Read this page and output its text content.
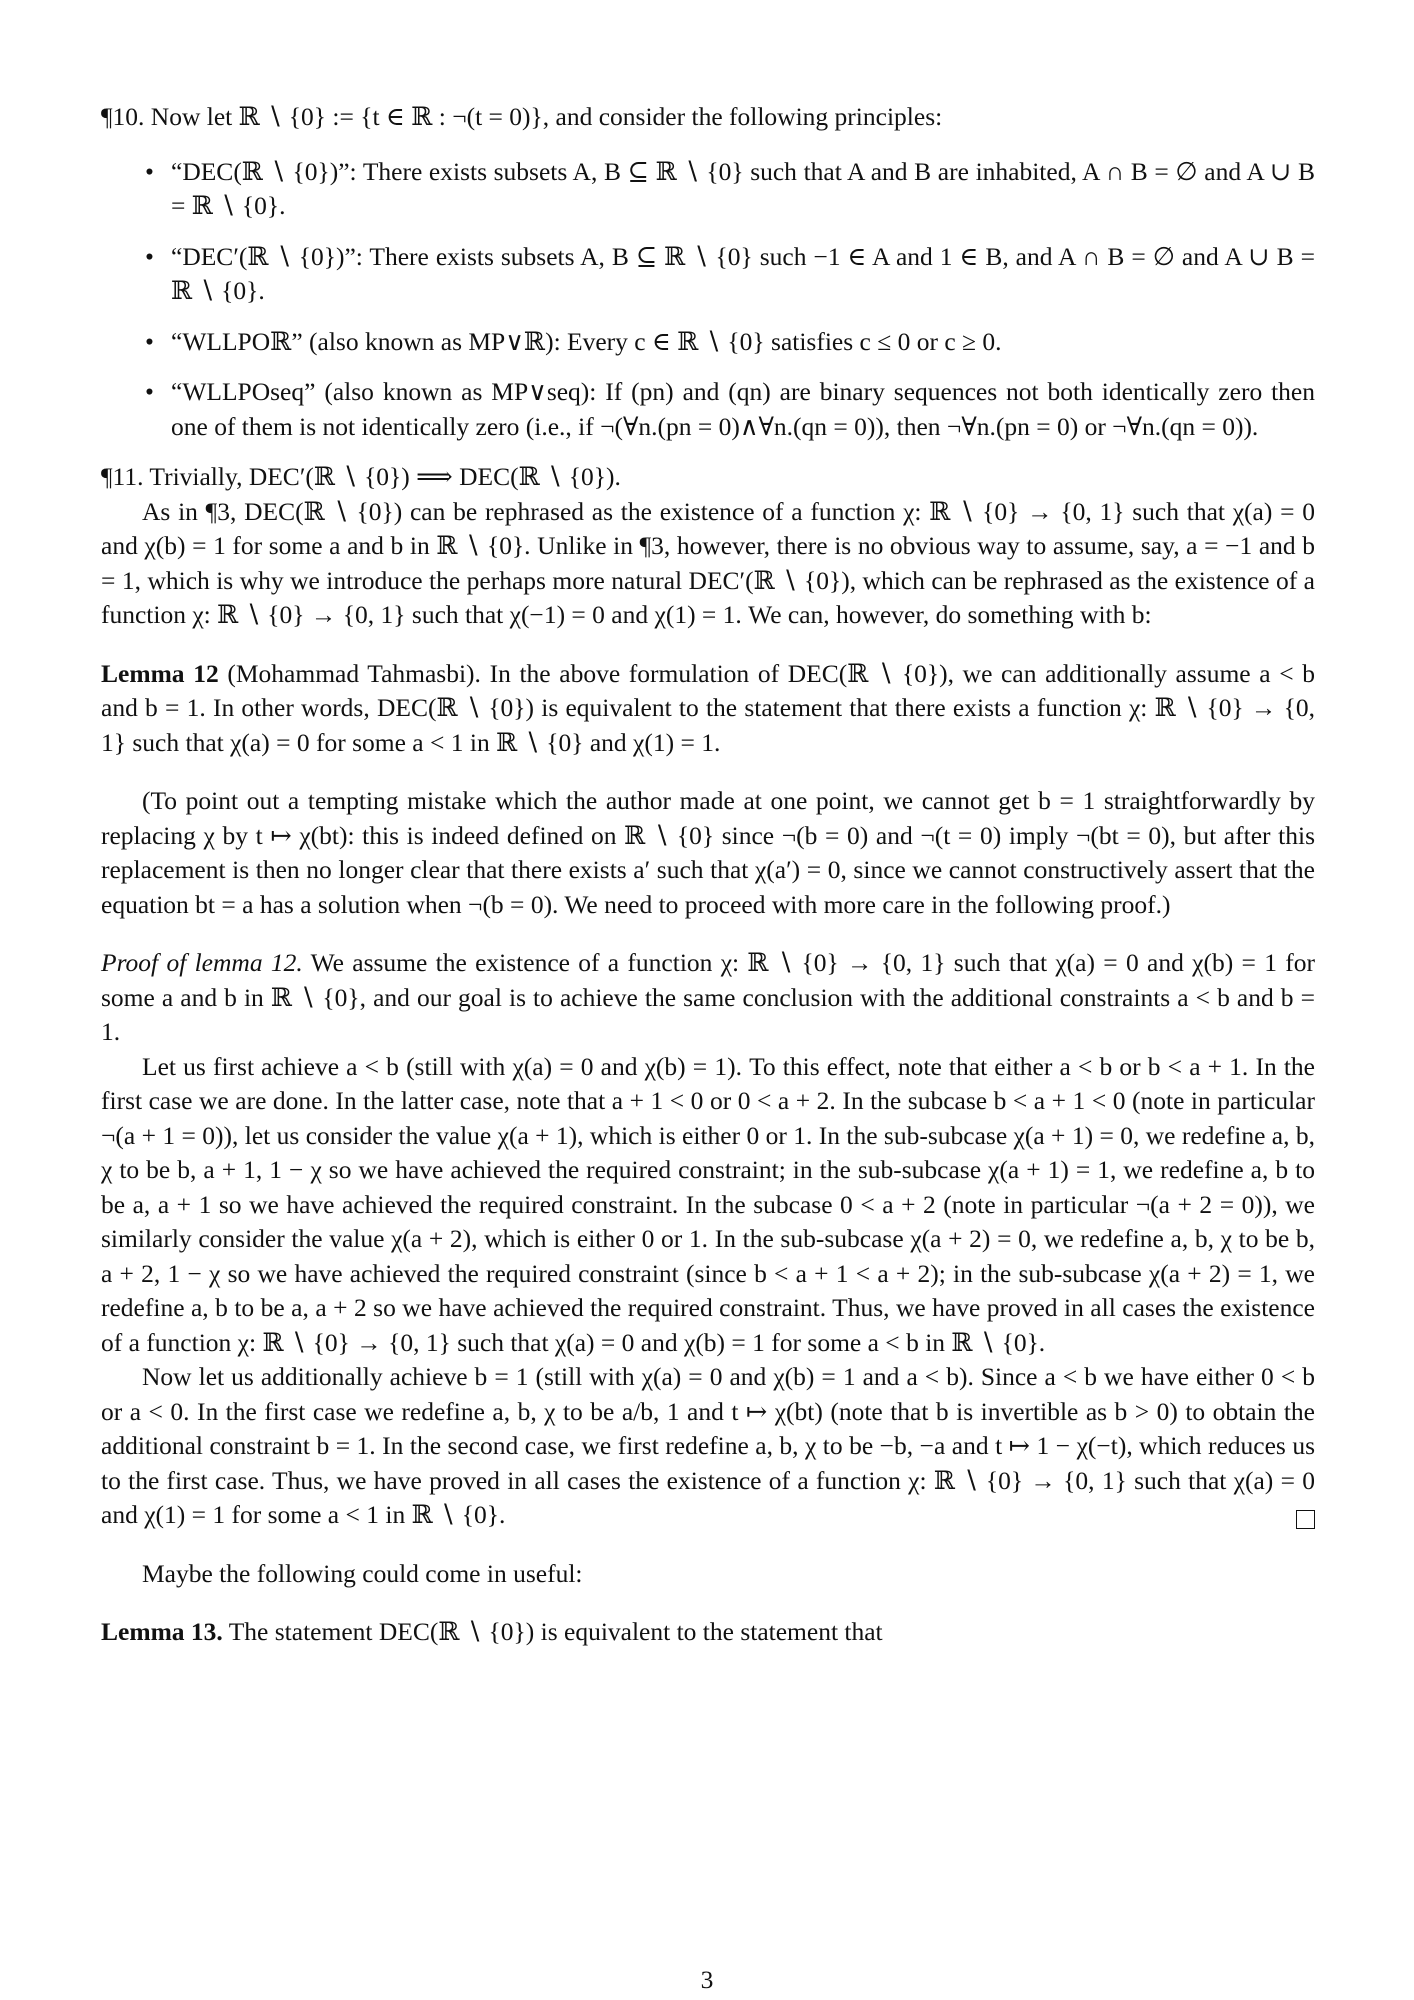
¶10. Now let ℝ ∖ {0} := {t ∈ ℝ : ¬(t = 0)}, and consider the following principles:

• “DEC(ℝ ∖ {0})”: There exists subsets A, B ⊆ ℝ ∖ {0} such that A and B are inhabited, A ∩ B = ∅ and A ∪ B = ℝ ∖ {0}.
• “DEC′(ℝ ∖ {0})”: There exists subsets A, B ⊆ ℝ ∖ {0} such −1 ∈ A and 1 ∈ B, and A ∩ B = ∅ and A ∪ B = ℝ ∖ {0}.
• “WLLPOℝ” (also known as MP∨ℝ): Every c ∈ ℝ ∖ {0} satisfies c ≤ 0 or c ≥ 0.
• “WLLPOseq” (also known as MP∨seq): If (pn) and (qn) are binary sequences not both identically zero then one of them is not identically zero (i.e., if ¬(∀n.(pn = 0)∧∀n.(qn = 0)), then ¬∀n.(pn = 0) or ¬∀n.(qn = 0)).

¶11. Trivially, DEC′(ℝ ∖ {0}) ⟹ DEC(ℝ ∖ {0}).

As in ¶3, DEC(ℝ ∖ {0}) can be rephrased as the existence of a function χ: ℝ ∖ {0} → {0, 1} such that χ(a) = 0 and χ(b) = 1 for some a and b in ℝ ∖ {0}. Unlike in ¶3, however, there is no obvious way to assume, say, a = −1 and b = 1, which is why we introduce the perhaps more natural DEC′(ℝ ∖ {0}), which can be rephrased as the existence of a function χ: ℝ ∖ {0} → {0, 1} such that χ(−1) = 0 and χ(1) = 1. We can, however, do something with b:

Lemma 12 (Mohammad Tahmasbi). In the above formulation of DEC(ℝ ∖ {0}), we can additionally assume a < b and b = 1. In other words, DEC(ℝ ∖ {0}) is equivalent to the statement that there exists a function χ: ℝ ∖ {0} → {0, 1} such that χ(a) = 0 for some a < 1 in ℝ ∖ {0} and χ(1) = 1.

(To point out a tempting mistake which the author made at one point, we cannot get b = 1 straightforwardly by replacing χ by t ↦ χ(bt): this is indeed defined on ℝ ∖ {0} since ¬(b = 0) and ¬(t = 0) imply ¬(bt = 0), but after this replacement is then no longer clear that there exists a′ such that χ(a′) = 0, since we cannot constructively assert that the equation bt = a has a solution when ¬(b = 0). We need to proceed with more care in the following proof.)

Proof of lemma 12. We assume the existence of a function χ: ℝ ∖ {0} → {0, 1} such that χ(a) = 0 and χ(b) = 1 for some a and b in ℝ ∖ {0}, and our goal is to achieve the same conclusion with the additional constraints a < b and b = 1.

Let us first achieve a < b (still with χ(a) = 0 and χ(b) = 1). To this effect, note that either a < b or b < a + 1. In the first case we are done. In the latter case, note that a + 1 < 0 or 0 < a + 2. In the subcase b < a + 1 < 0 (note in particular ¬(a + 1 = 0)), let us consider the value χ(a + 1), which is either 0 or 1. In the sub-subcase χ(a + 1) = 0, we redefine a, b, χ to be b, a + 1, 1 − χ so we have achieved the required constraint; in the sub-subcase χ(a + 1) = 1, we redefine a, b to be a, a + 1 so we have achieved the required constraint. In the subcase 0 < a + 2 (note in particular ¬(a + 2 = 0)), we similarly consider the value χ(a + 2), which is either 0 or 1. In the sub-subcase χ(a + 2) = 0, we redefine a, b, χ to be b, a + 2, 1 − χ so we have achieved the required constraint (since b < a + 1 < a + 2); in the sub-subcase χ(a + 2) = 1, we redefine a, b to be a, a + 2 so we have achieved the required constraint. Thus, we have proved in all cases the existence of a function χ: ℝ ∖ {0} → {0, 1} such that χ(a) = 0 and χ(b) = 1 for some a < b in ℝ ∖ {0}.

Now let us additionally achieve b = 1 (still with χ(a) = 0 and χ(b) = 1 and a < b). Since a < b we have either 0 < b or a < 0. In the first case we redefine a, b, χ to be a/b, 1 and t ↦ χ(bt) (note that b is invertible as b > 0) to obtain the additional constraint b = 1. In the second case, we first redefine a, b, χ to be −b, −a and t ↦ 1 − χ(−t), which reduces us to the first case. Thus, we have proved in all cases the existence of a function χ: ℝ ∖ {0} → {0, 1} such that χ(a) = 0 and χ(1) = 1 for some a < 1 in ℝ ∖ {0}.

Maybe the following could come in useful:

Lemma 13. The statement DEC(ℝ ∖ {0}) is equivalent to the statement that

3
